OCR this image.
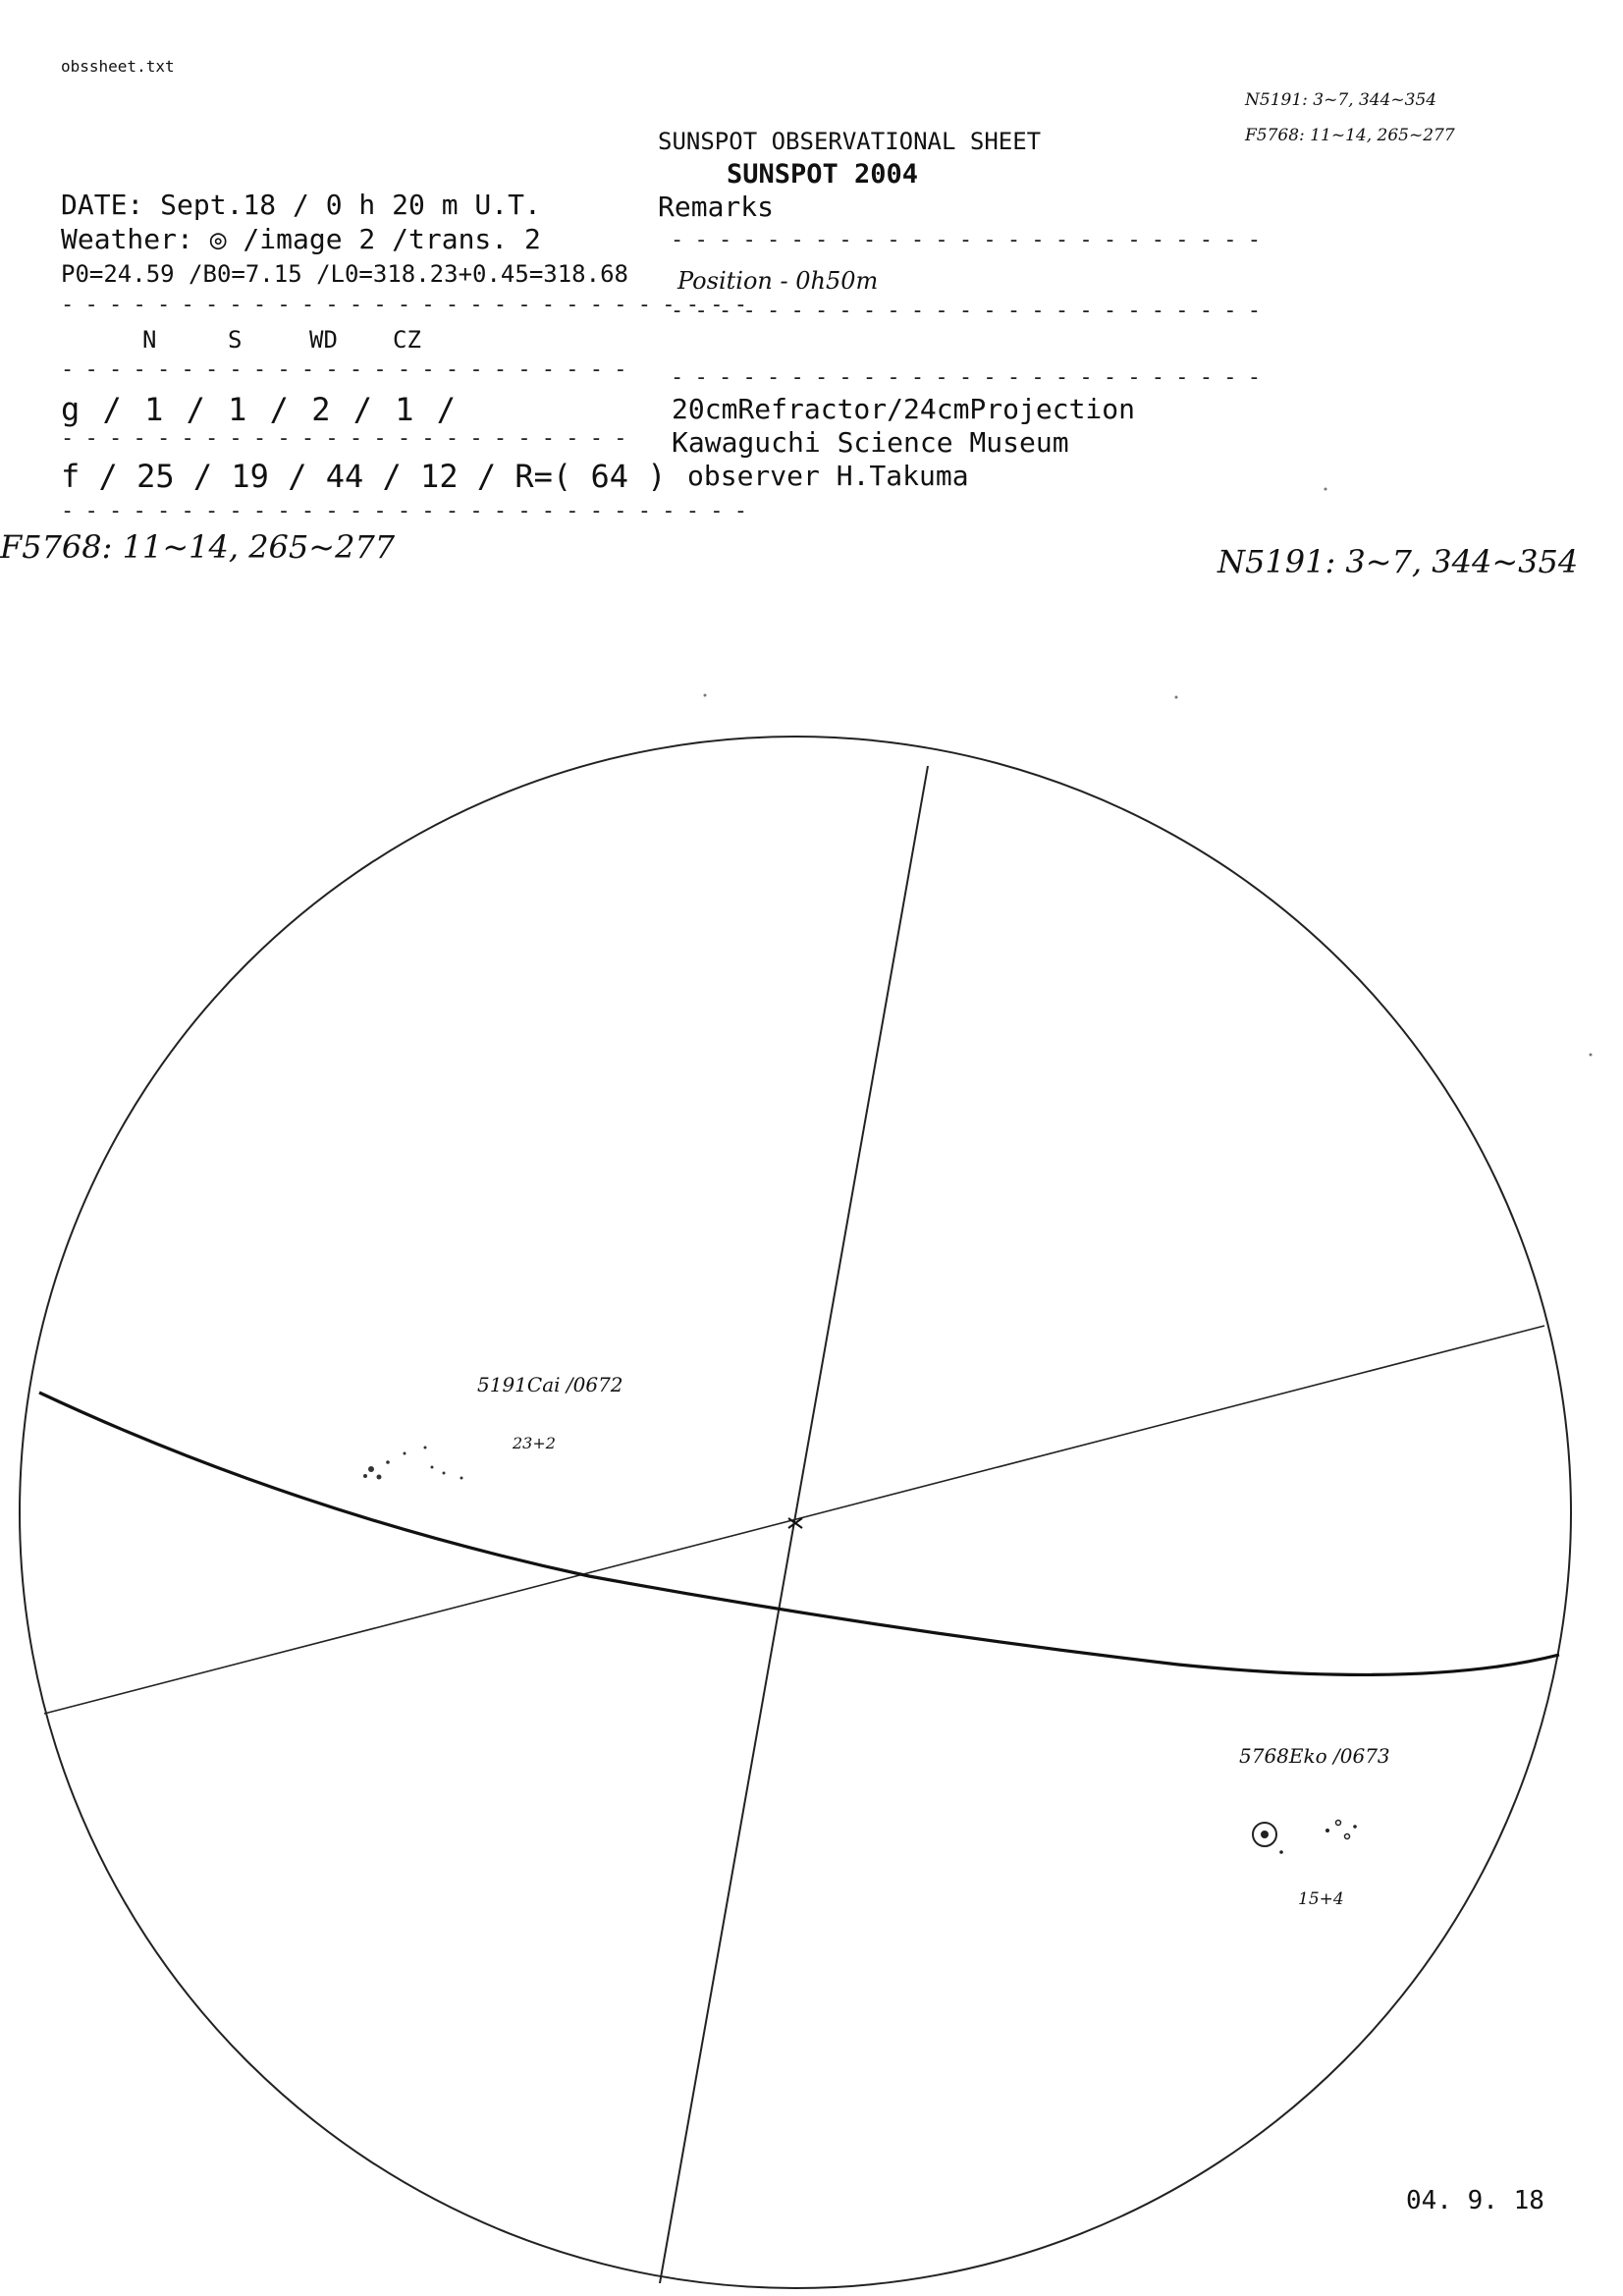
obssheet.txt
SUNSPOT OBSERVATIONAL SHEET
SUNSPOT 2004
N5191: 3~7, 344~354
F5768: 11~14, 265~277
DATE: Sept.18 / 0 h 20 m U.T.
Weather: ◎ /image 2 /trans. 2
P0=24.59 /B0=7.15 /L0=318.23+0.45=318.68
- - - - - - - - - - - - - - - - - - - - - - - - - - - - -
N	S	WD CZ
- - - - - - - - - - - - - - - - - - - - - - - -
g / 1 / 1 / 2 / 1 /
- - - - - - - - - - - - - - - - - - - - - - - -
f / 25 / 19 / 44 / 12 / R=( 64 )
- - - - - - - - - - - - - - - - - - - - - - - - - - - - -
Remarks
- - - - - - - - - - - - - - - - - - - - - - - - -
Position - 0h50m
- - - - - - - - - - - - - - - - - - - - - - - - -
- - - - - - - - - - - - - - - - - - - - - - - - -
20cmRefractor/24cmProjection
Kawaguchi Science Museum
observer H.Takuma
F5768: 11~14, 265~277	N5191: 3~7, 344~354
5191Cai /0672
23+2
5768Eko /0673
15+4
04. 9. 18
